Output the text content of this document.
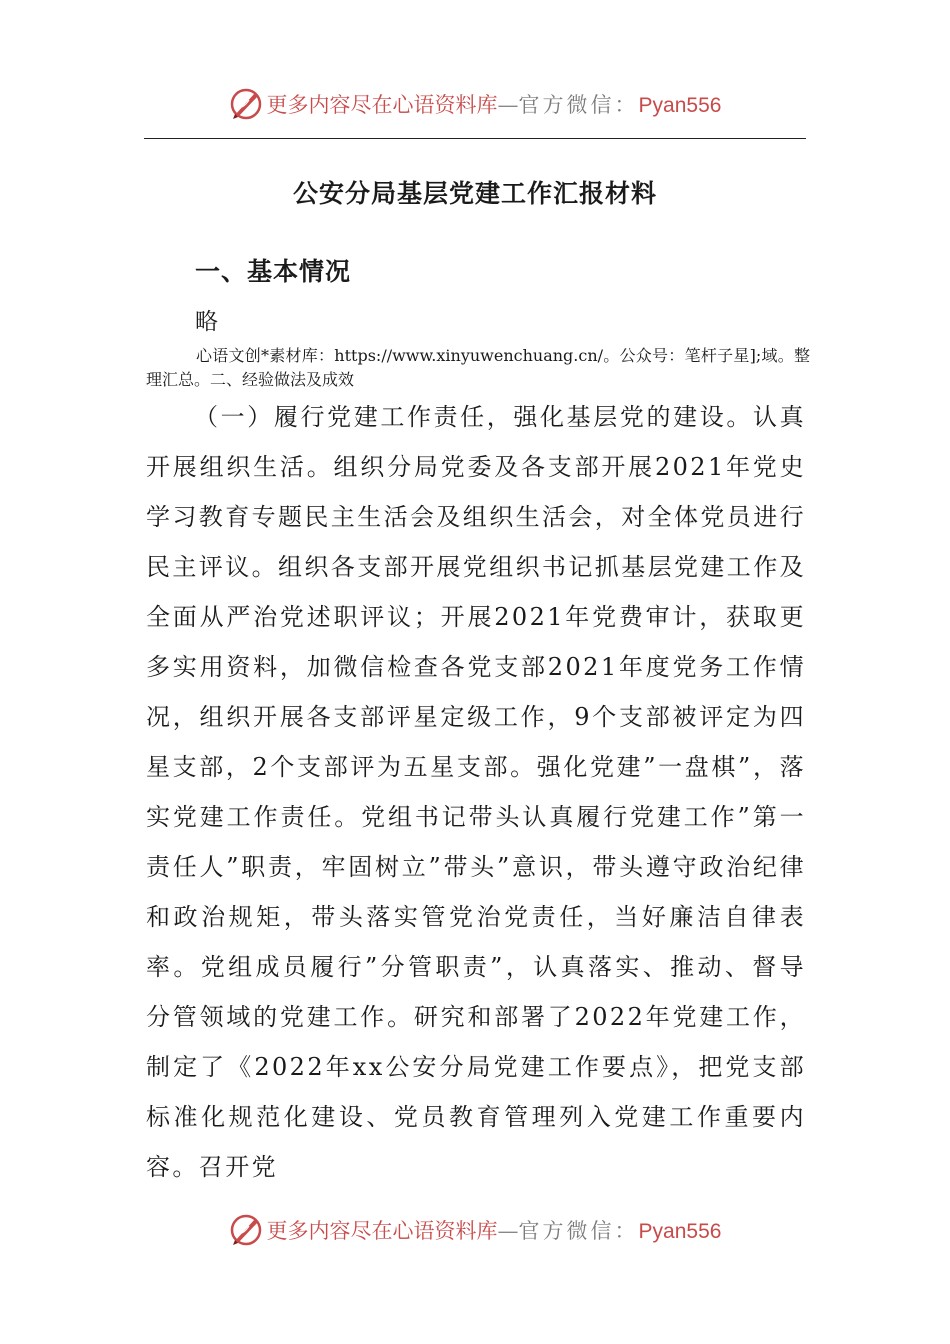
更多内容尽在心语资料库—官方微信：Pyan556
公安分局基层党建工作汇报材料
一、基本情况

略

心语文创*素材库：https://www.xinyuwenchuang.cn/。公众号：笔杆子星];域。整理汇总。二、经验做法及成效

（一）履行党建工作责任，强化基层党的建设。认真开展组织生活。组织分局党委及各支部开展2021年党史学习教育专题民主生活会及组织生活会，对全体党员进行民主评议。组织各支部开展党组织书记抓基层党建工作及全面从严治党述职评议；开展2021年党费审计，获取更多实用资料，加微信检查各党支部2021年度党务工作情况，组织开展各支部评星定级工作，9个支部被评定为四星支部，2个支部评为五星支部。强化党建”一盘棋”，落实党建工作责任。党组书记带头认真履行党建工作”第一责任人”职责，牢固树立”带头”意识，带头遵守政治纪律和政治规矩，带头落实管党治党责任，当好廉洁自律表率。党组成员履行”分管职责”，认真落实、推动、督导分管领域的党建工作。研究和部署了2022年党建工作，制定了《2022年xx公安分局党建工作要点》，把党支部标准化规范化建设、党员教育管理列入党建工作重要内容。召开党

更多内容尽在心语资料库—官方微信：Pyan556
